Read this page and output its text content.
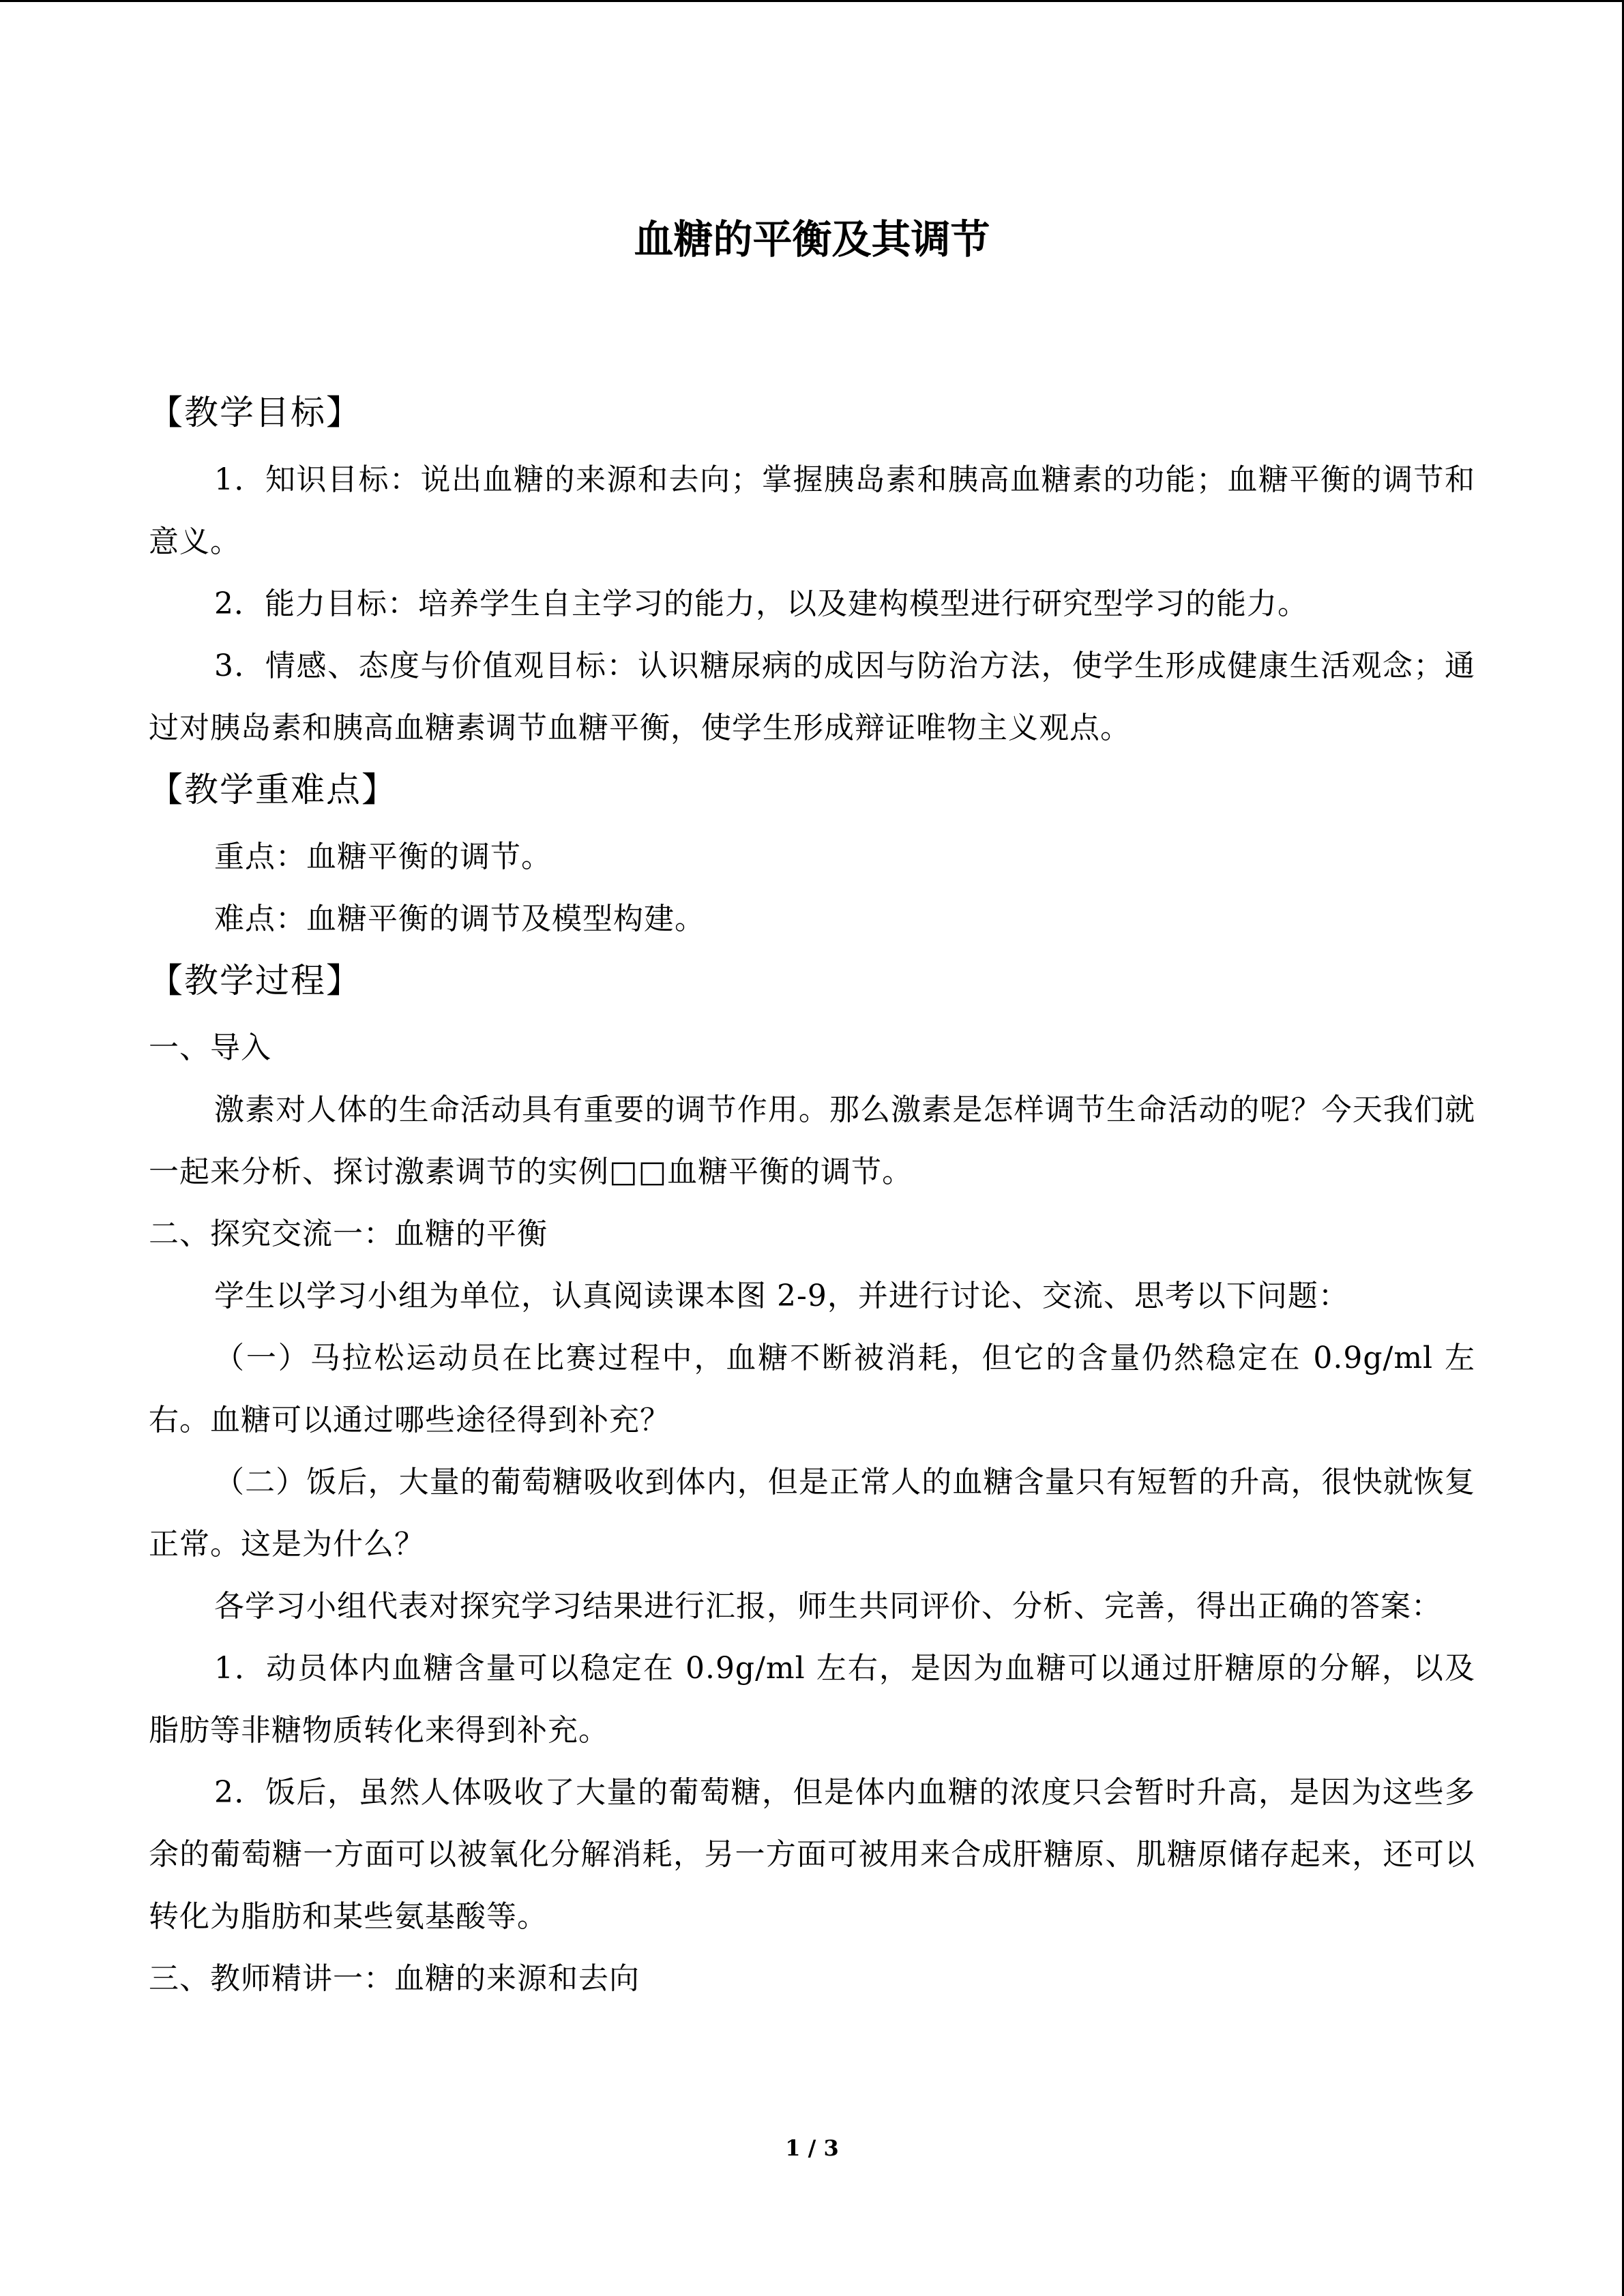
血糖的平衡及其调节

【教学目标】

1．知识目标：说出血糖的来源和去向；掌握胰岛素和胰高血糖素的功能；血糖平衡的调节和意义。

2．能力目标：培养学生自主学习的能力，以及建构模型进行研究型学习的能力。

3．情感、态度与价值观目标：认识糖尿病的成因与防治方法，使学生形成健康生活观念；通过对胰岛素和胰高血糖素调节血糖平衡，使学生形成辩证唯物主义观点。

【教学重难点】

重点：血糖平衡的调节。

难点：血糖平衡的调节及模型构建。

【教学过程】

一、导入

激素对人体的生命活动具有重要的调节作用。那么激素是怎样调节生命活动的呢？今天我们就一起来分析、探讨激素调节的实例□□血糖平衡的调节。

二、探究交流一：血糖的平衡

学生以学习小组为单位，认真阅读课本图 2-9，并进行讨论、交流、思考以下问题：

（一）马拉松运动员在比赛过程中，血糖不断被消耗，但它的含量仍然稳定在 0.9g/ml 左右。血糖可以通过哪些途径得到补充？

（二）饭后，大量的葡萄糖吸收到体内，但是正常人的血糖含量只有短暂的升高，很快就恢复正常。这是为什么？

各学习小组代表对探究学习结果进行汇报，师生共同评价、分析、完善，得出正确的答案：

1．动员体内血糖含量可以稳定在 0.9g/ml 左右，是因为血糖可以通过肝糖原的分解，以及脂肪等非糖物质转化来得到补充。

2．饭后，虽然人体吸收了大量的葡萄糖，但是体内血糖的浓度只会暂时升高，是因为这些多余的葡萄糖一方面可以被氧化分解消耗，另一方面可被用来合成肝糖原、肌糖原储存起来，还可以转化为脂肪和某些氨基酸等。

三、教师精讲一：血糖的来源和去向

1 / 3
